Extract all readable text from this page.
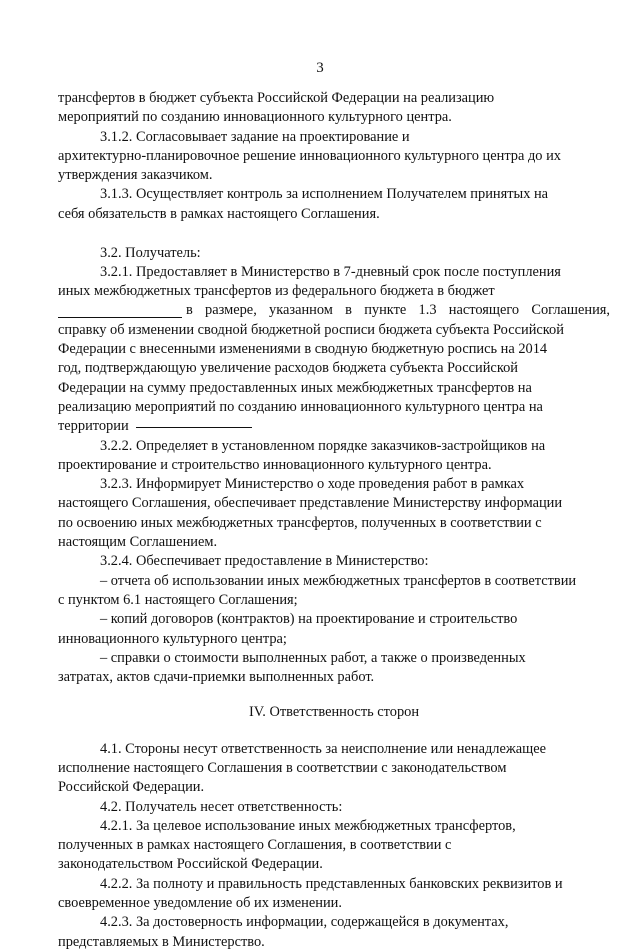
3

трансфертов в бюджет субъекта Российской Федерации на реализацию

мероприятий по созданию инновационного культурного центра.

3.1.2. Согласовывает задание на проектирование и

архитектурно-планировочное решение инновационного культурного центра до их

утверждения заказчиком.

3.1.3. Осуществляет контроль за исполнением Получателем принятых на

себя обязательств в рамках настоящего Соглашения.

3.2. Получатель:

3.2.1. Предоставляет в Министерство в 7-дневный срок после поступления

иных межбюджетных трансфертов из федерального бюджета в бюджет

в размере, указанном в пункте 1.3 настоящего Соглашения,

справку об изменении сводной бюджетной росписи бюджета субъекта Российской

Федерации с внесенными изменениями в сводную бюджетную роспись на 2014

год, подтверждающую увеличение расходов бюджета субъекта Российской

Федерации на сумму предоставленных иных межбюджетных трансфертов на

реализацию мероприятий по созданию инновационного культурного центра на

территории

3.2.2. Определяет в установленном порядке заказчиков-застройщиков на

проектирование и строительство инновационного культурного центра.

3.2.3. Информирует Министерство о ходе проведения работ в рамках

настоящего Соглашения, обеспечивает представление Министерству информации

по освоению иных межбюджетных трансфертов, полученных в соответствии с

настоящим Соглашением.

3.2.4. Обеспечивает предоставление в Министерство:

– отчета об использовании иных межбюджетных трансфертов в соответствии

с пунктом 6.1 настоящего Соглашения;

– копий договоров (контрактов) на проектирование и строительство

инновационного культурного центра;

– справки о стоимости выполненных работ, а также о произведенных

затратах, актов сдачи-приемки выполненных работ.

IV. Ответственность сторон

4.1. Стороны несут ответственность за неисполнение или ненадлежащее

исполнение настоящего Соглашения в соответствии с законодательством

Российской Федерации.

4.2. Получатель несет ответственность:

4.2.1. За целевое использование иных межбюджетных трансфертов,

полученных в рамках настоящего Соглашения, в соответствии с

законодательством Российской Федерации.

4.2.2. За полноту и правильность представленных банковских реквизитов и

своевременное уведомление об их изменении.

4.2.3. За достоверность информации, содержащейся в документах,

представляемых в Министерство.
